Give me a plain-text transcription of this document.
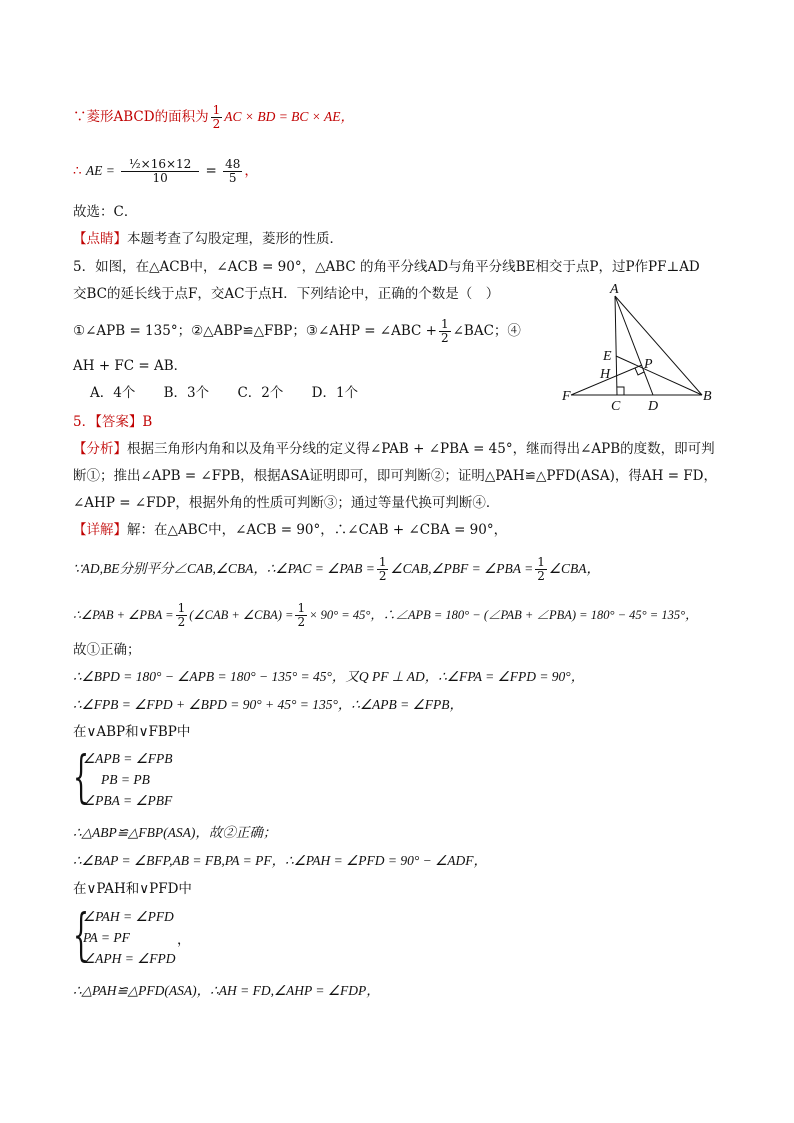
∵菱形ABCD的面积为 $\frac{1}{2}$ AC × BD = BC × AE，
∴ AE = $\frac{\text{½×16×12}}{10} = \frac{48}{5}$ ，
故选：C．
【点睛】本题考查了勾股定理，菱形的性质．
5．如图，在△ACB中，∠ACB = 90°，△ABC 的角平分线AD与角平分线BE相交于点P，过P作PF⊥AD
交BC的延长线于点F，交AC于点H．下列结论中，正确的个数是（　）
①∠APB = 135°；②△ABP≌△FBP；③∠AHP = ∠ABC + $\frac{1}{2}$ ∠BAC；④
AH + FC = AB．
A．4个 B．3个 C．2个 D．1个
A
E
P
H
F
C D
B
5．【答案】B
【分析】根据三角形内角和以及角平分线的定义得∠PAB + ∠PBA = 45°，继而得出∠APB的度数，即可判
断①；推出∠APB = ∠FPB，根据ASA证明即可，即可判断②；证明△PAH≌△PFD(ASA)，得AH = FD，
∠AHP = ∠FDP，根据外角的性质可判断③；通过等量代换可判断④．
【详解】解：在△ABC中，∠ACB = 90°，∴∠CAB + ∠CBA = 90°，
∵AD,BE分别平分∠CAB,∠CBA，∴∠PAC = ∠PAB = $\frac{1}{2}$ ∠CAB,∠PBF = ∠PBA = $\frac{1}{2}$ ∠CBA，
∴∠PAB + ∠PBA = $\frac{1}{2}$ (∠CAB + ∠CBA) = $\frac{1}{2} \times 90^\circ = 45^\circ$，∴∠APB = 180° − (∠PAB + ∠PBA) = 180° − 45° = 135°，
故①正确；
∴∠BPD = 180° − ∠APB = 180° − 135° = 45°，又Q PF ⊥ AD，∴∠FPA = ∠FPD = 90°，
∴∠FPB = ∠FPD + ∠BPD = 90° + 45° = 135°，∴∠APB = ∠FPB，
在∨ABP和∨FBP中
{
∠APB = ∠FPB
PB = PB
∠PBA = ∠PBF
∴△ABP≌△FBP(ASA)，故②正确；
∴∠BAP = ∠BFP,AB = FB,PA = PF，∴∠PAH = ∠PFD = 90° − ∠ADF，
在∨PAH和∨PFD中
{
∠PAH = ∠PFD
PA = PF
∠APH = ∠FPD
，
∴△PAH≌△PFD(ASA)，∴AH = FD,∠AHP = ∠FDP，
